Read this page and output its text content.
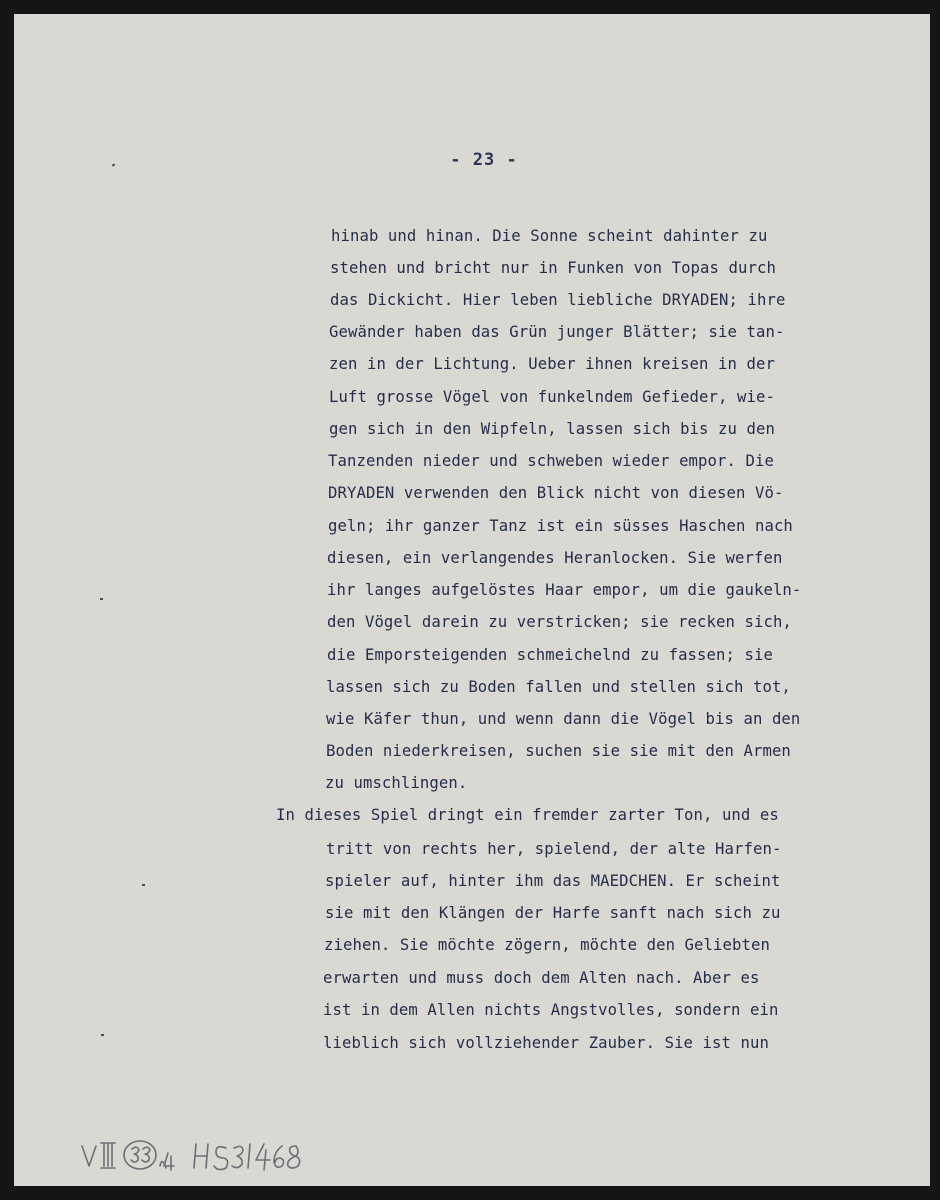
- 23 -
hinab und hinan. Die Sonne scheint dahinter zu
stehen und bricht nur in Funken von Topas durch
das Dickicht. Hier leben liebliche DRYADEN; ihre
Gewänder haben das Grün junger Blätter; sie tan-
zen in der Lichtung. Ueber ihnen kreisen in der
Luft grosse Vögel von funkelndem Gefieder, wie-
gen sich in den Wipfeln, lassen sich bis zu den
Tanzenden nieder und schweben wieder empor. Die
DRYADEN verwenden den Blick nicht von diesen Vö-
geln; ihr ganzer Tanz ist ein süsses Haschen nach
diesen, ein verlangendes Heranlocken. Sie werfen
ihr langes aufgelöstes Haar empor, um die gaukeln-
den Vögel darein zu verstricken; sie recken sich,
die Emporsteigenden schmeichelnd zu fassen; sie
lassen sich zu Boden fallen und stellen sich tot,
wie Käfer thun, und wenn dann die Vögel bis an den
Boden niederkreisen, suchen sie sie mit den Armen
zu umschlingen.
In dieses Spiel dringt ein fremder zarter Ton, und es
tritt von rechts her, spielend, der alte Harfen-
spieler auf, hinter ihm das MAEDCHEN. Er scheint
sie mit den Klängen der Harfe sanft nach sich zu
ziehen. Sie möchte zögern, möchte den Geliebten
erwarten und muss doch dem Alten nach. Aber es
ist in dem Allen nichts Angstvolles, sondern ein
lieblich sich vollziehender Zauber. Sie ist nun
